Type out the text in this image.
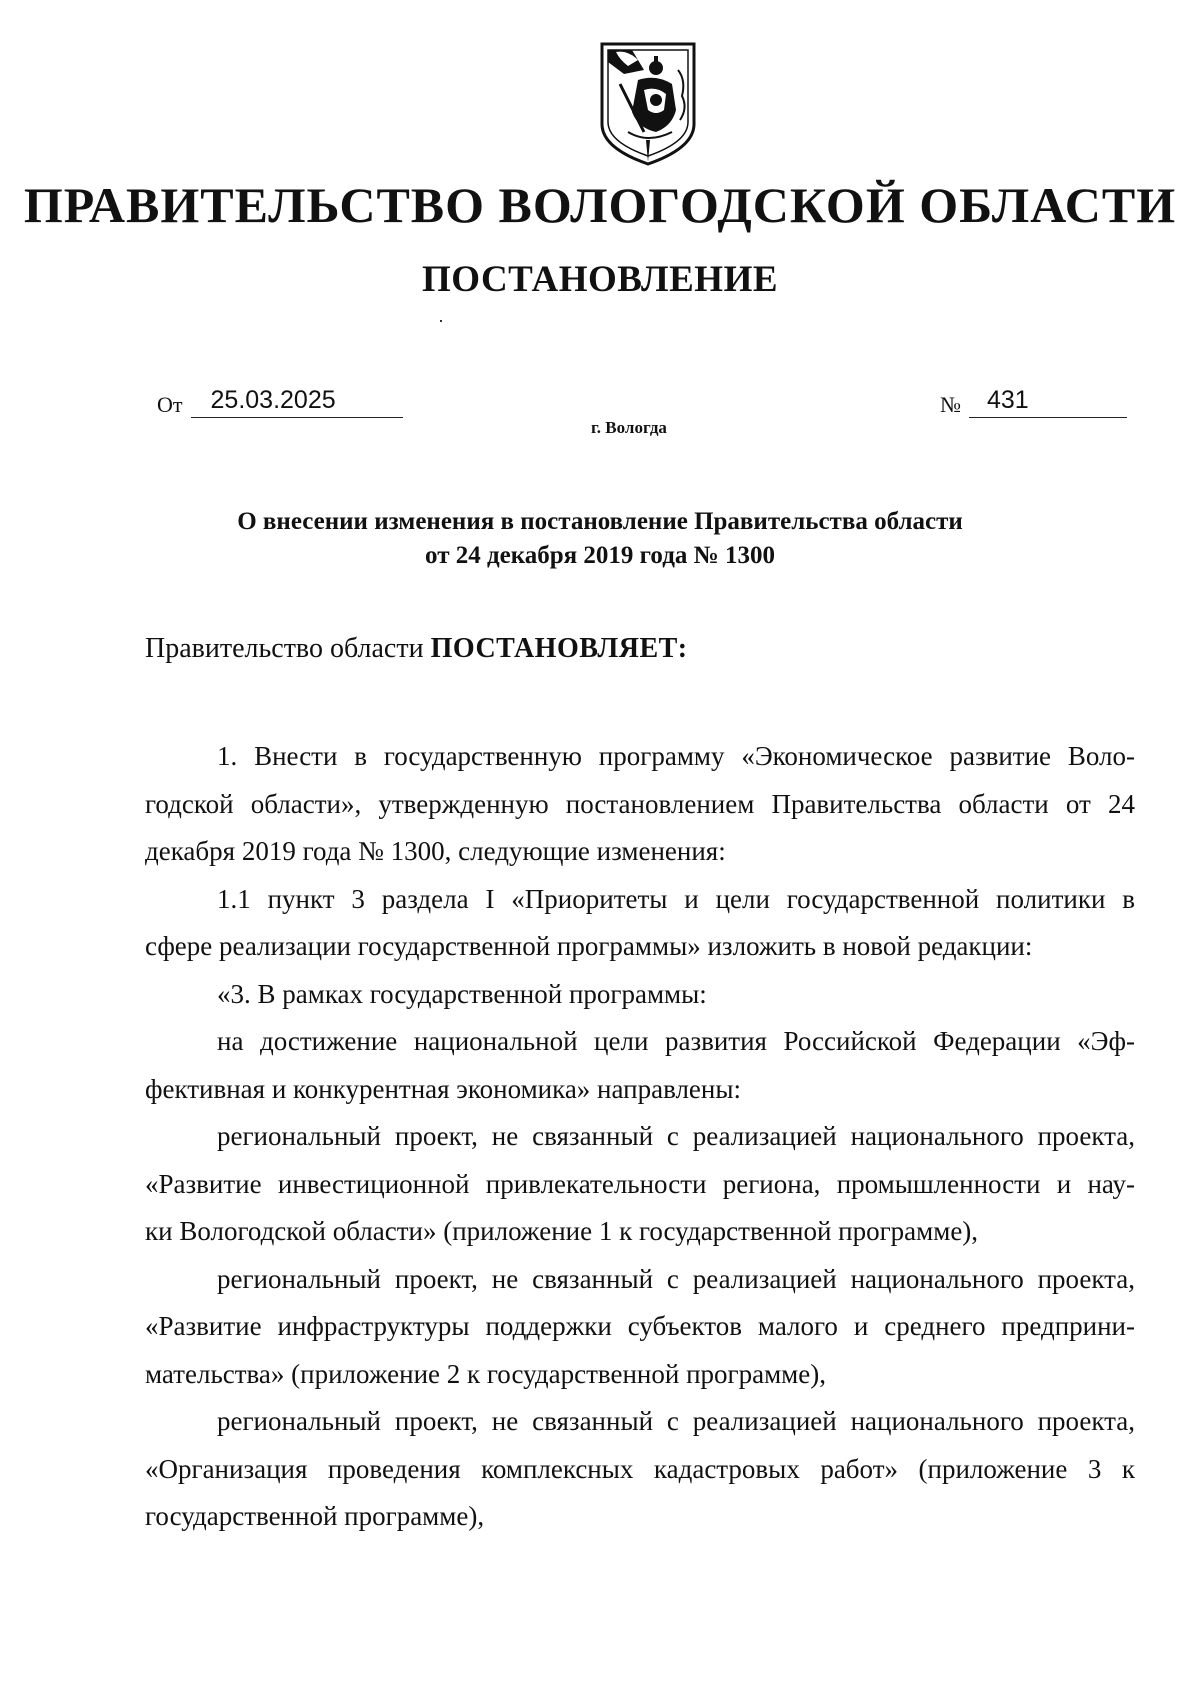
ПРАВИТЕЛЬСТВО ВОЛОГОДСКОЙ ОБЛАСТИ
ПОСТАНОВЛЕНИЕ
От 25.03.2025	№ 431
г. Вологда
О внесении изменения в постановление Правительства области
от 24 декабря 2019 года № 1300
Правительство области ПОСТАНОВЛЯЕТ:
1. Внести в государственную программу «Экономическое развитие Воло-
годской области», утвержденную постановлением Правительства области от 24
декабря 2019 года № 1300, следующие изменения:
1.1 пункт 3 раздела I «Приоритеты и цели государственной политики в
сфере реализации государственной программы» изложить в новой редакции:
«3. В рамках государственной программы:
на достижение национальной цели развития Российской Федерации «Эф-
фективная и конкурентная экономика» направлены:
региональный проект, не связанный с реализацией национального проекта,
«Развитие инвестиционной привлекательности региона, промышленности и нау-
ки Вологодской области» (приложение 1 к государственной программе),
региональный проект, не связанный с реализацией национального проекта,
«Развитие инфраструктуры поддержки субъектов малого и среднего предприни-
мательства» (приложение 2 к государственной программе),
региональный проект, не связанный с реализацией национального проекта,
«Организация проведения комплексных кадастровых работ» (приложение 3 к
государственной программе),
